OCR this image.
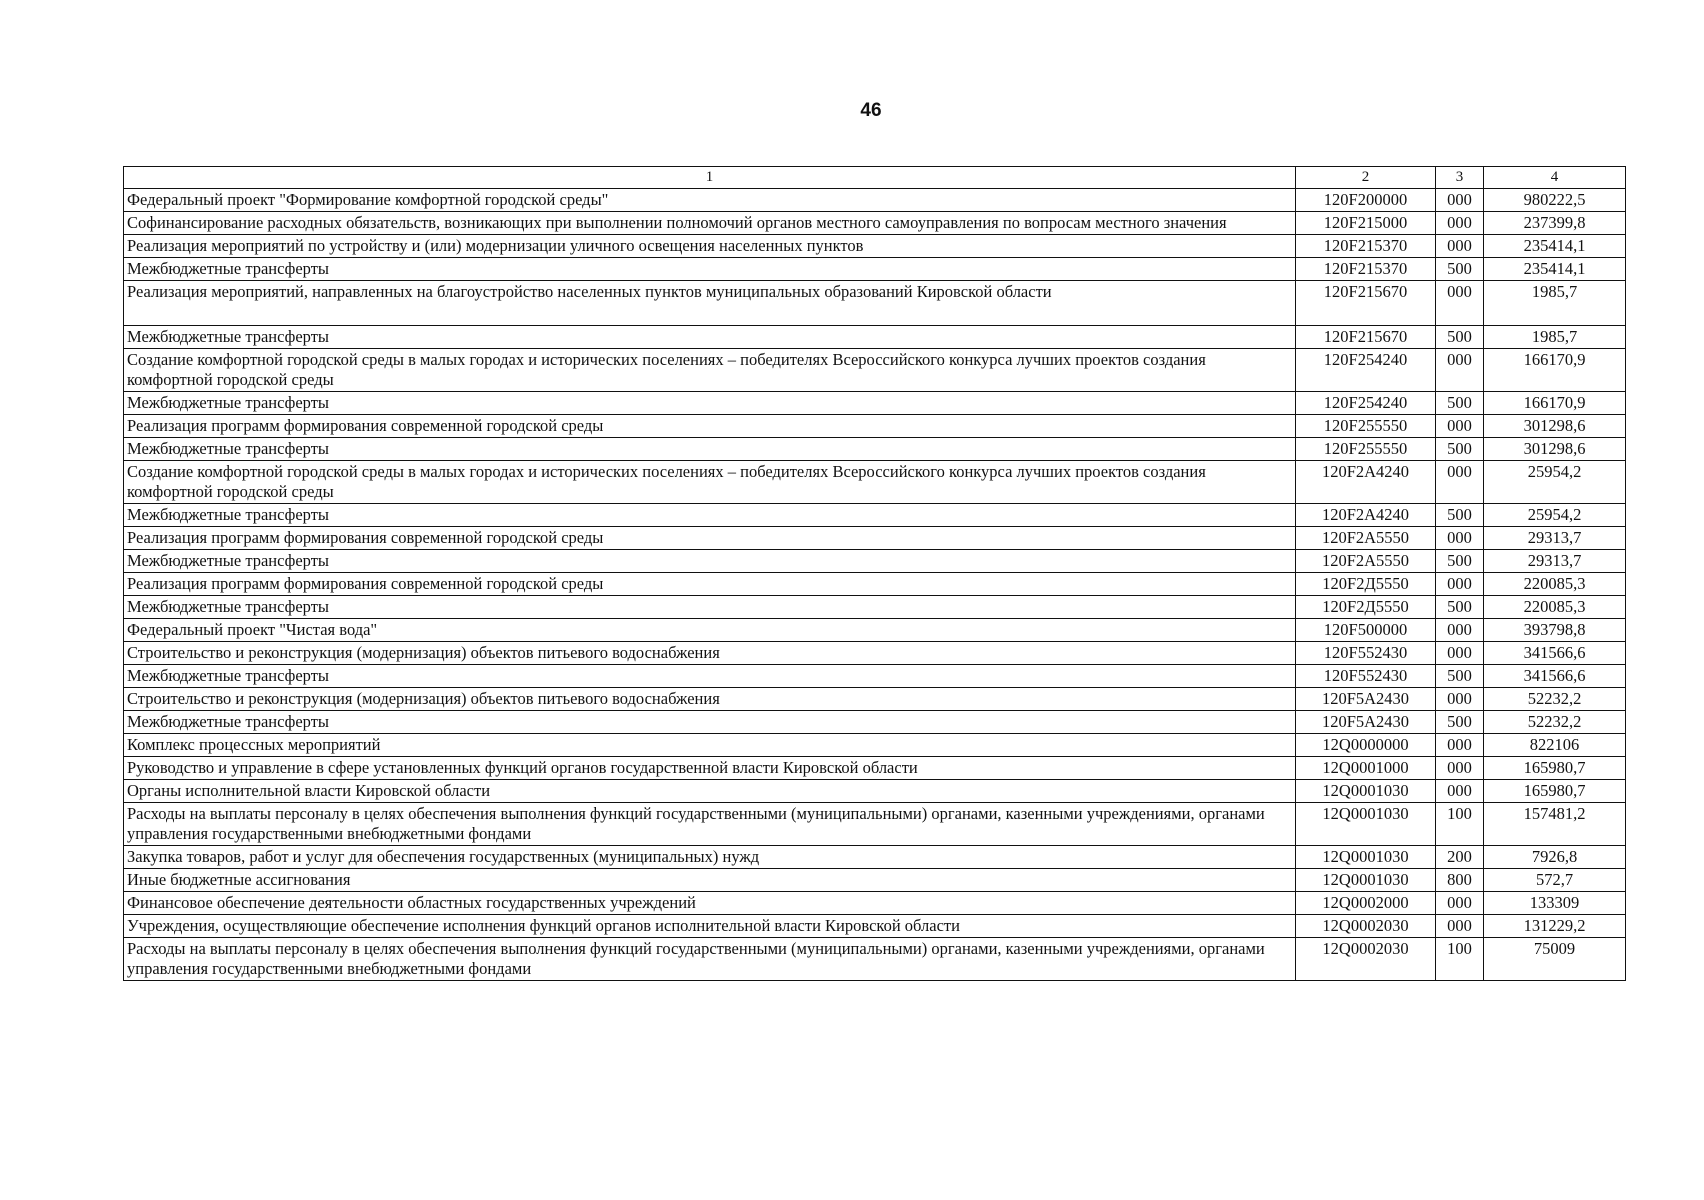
46
1	2	3	4
Федеральный проект "Формирование комфортной городской среды"	120F200000	000	980222,5
Софинансирование расходных обязательств, возникающих при выполнении полномочий органов местного самоуправления по вопросам местного значения	120F215000	000	237399,8
Реализация мероприятий по устройству и (или) модернизации уличного освещения населенных пунктов	120F215370	000	235414,1
Межбюджетные трансферты	120F215370	500	235414,1
Реализация мероприятий, направленных на благоустройство населенных пунктов муниципальных образований Кировской области	120F215670	000	1985,7
Межбюджетные трансферты	120F215670	500	1985,7
Создание комфортной городской среды в малых городах и исторических поселениях – победителях Всероссийского конкурса лучших проектов создания комфортной городской среды	120F254240	000	166170,9
Межбюджетные трансферты	120F254240	500	166170,9
Реализация программ формирования современной городской среды	120F255550	000	301298,6
Межбюджетные трансферты	120F255550	500	301298,6
Создание комфортной городской среды в малых городах и исторических поселениях – победителях Всероссийского конкурса лучших проектов создания комфортной городской среды	120F2A4240	000	25954,2
Межбюджетные трансферты	120F2A4240	500	25954,2
Реализация программ формирования современной городской среды	120F2A5550	000	29313,7
Межбюджетные трансферты	120F2A5550	500	29313,7
Реализация программ формирования современной городской среды	120F2Д5550	000	220085,3
Межбюджетные трансферты	120F2Д5550	500	220085,3
Федеральный проект "Чистая вода"	120F500000	000	393798,8
Строительство и реконструкция (модернизация) объектов питьевого водоснабжения	120F552430	000	341566,6
Межбюджетные трансферты	120F552430	500	341566,6
Строительство и реконструкция (модернизация) объектов питьевого водоснабжения	120F5A2430	000	52232,2
Межбюджетные трансферты	120F5A2430	500	52232,2
Комплекс процессных мероприятий	12Q0000000	000	822106
Руководство и управление в сфере установленных функций органов государственной власти Кировской области	12Q0001000	000	165980,7
Органы исполнительной власти Кировской области	12Q0001030	000	165980,7
Расходы на выплаты персоналу в целях обеспечения выполнения функций государственными (муниципальными) органами, казенными учреждениями, органами управления государственными внебюджетными фондами	12Q0001030	100	157481,2
Закупка товаров, работ и услуг для обеспечения государственных (муниципальных) нужд	12Q0001030	200	7926,8
Иные бюджетные ассигнования	12Q0001030	800	572,7
Финансовое обеспечение деятельности областных государственных учреждений	12Q0002000	000	133309
Учреждения, осуществляющие обеспечение исполнения функций органов исполнительной власти Кировской области	12Q0002030	000	131229,2
Расходы на выплаты персоналу в целях обеспечения выполнения функций государственными (муниципальными) органами, казенными учреждениями, органами управления государственными внебюджетными фондами	12Q0002030	100	75009
